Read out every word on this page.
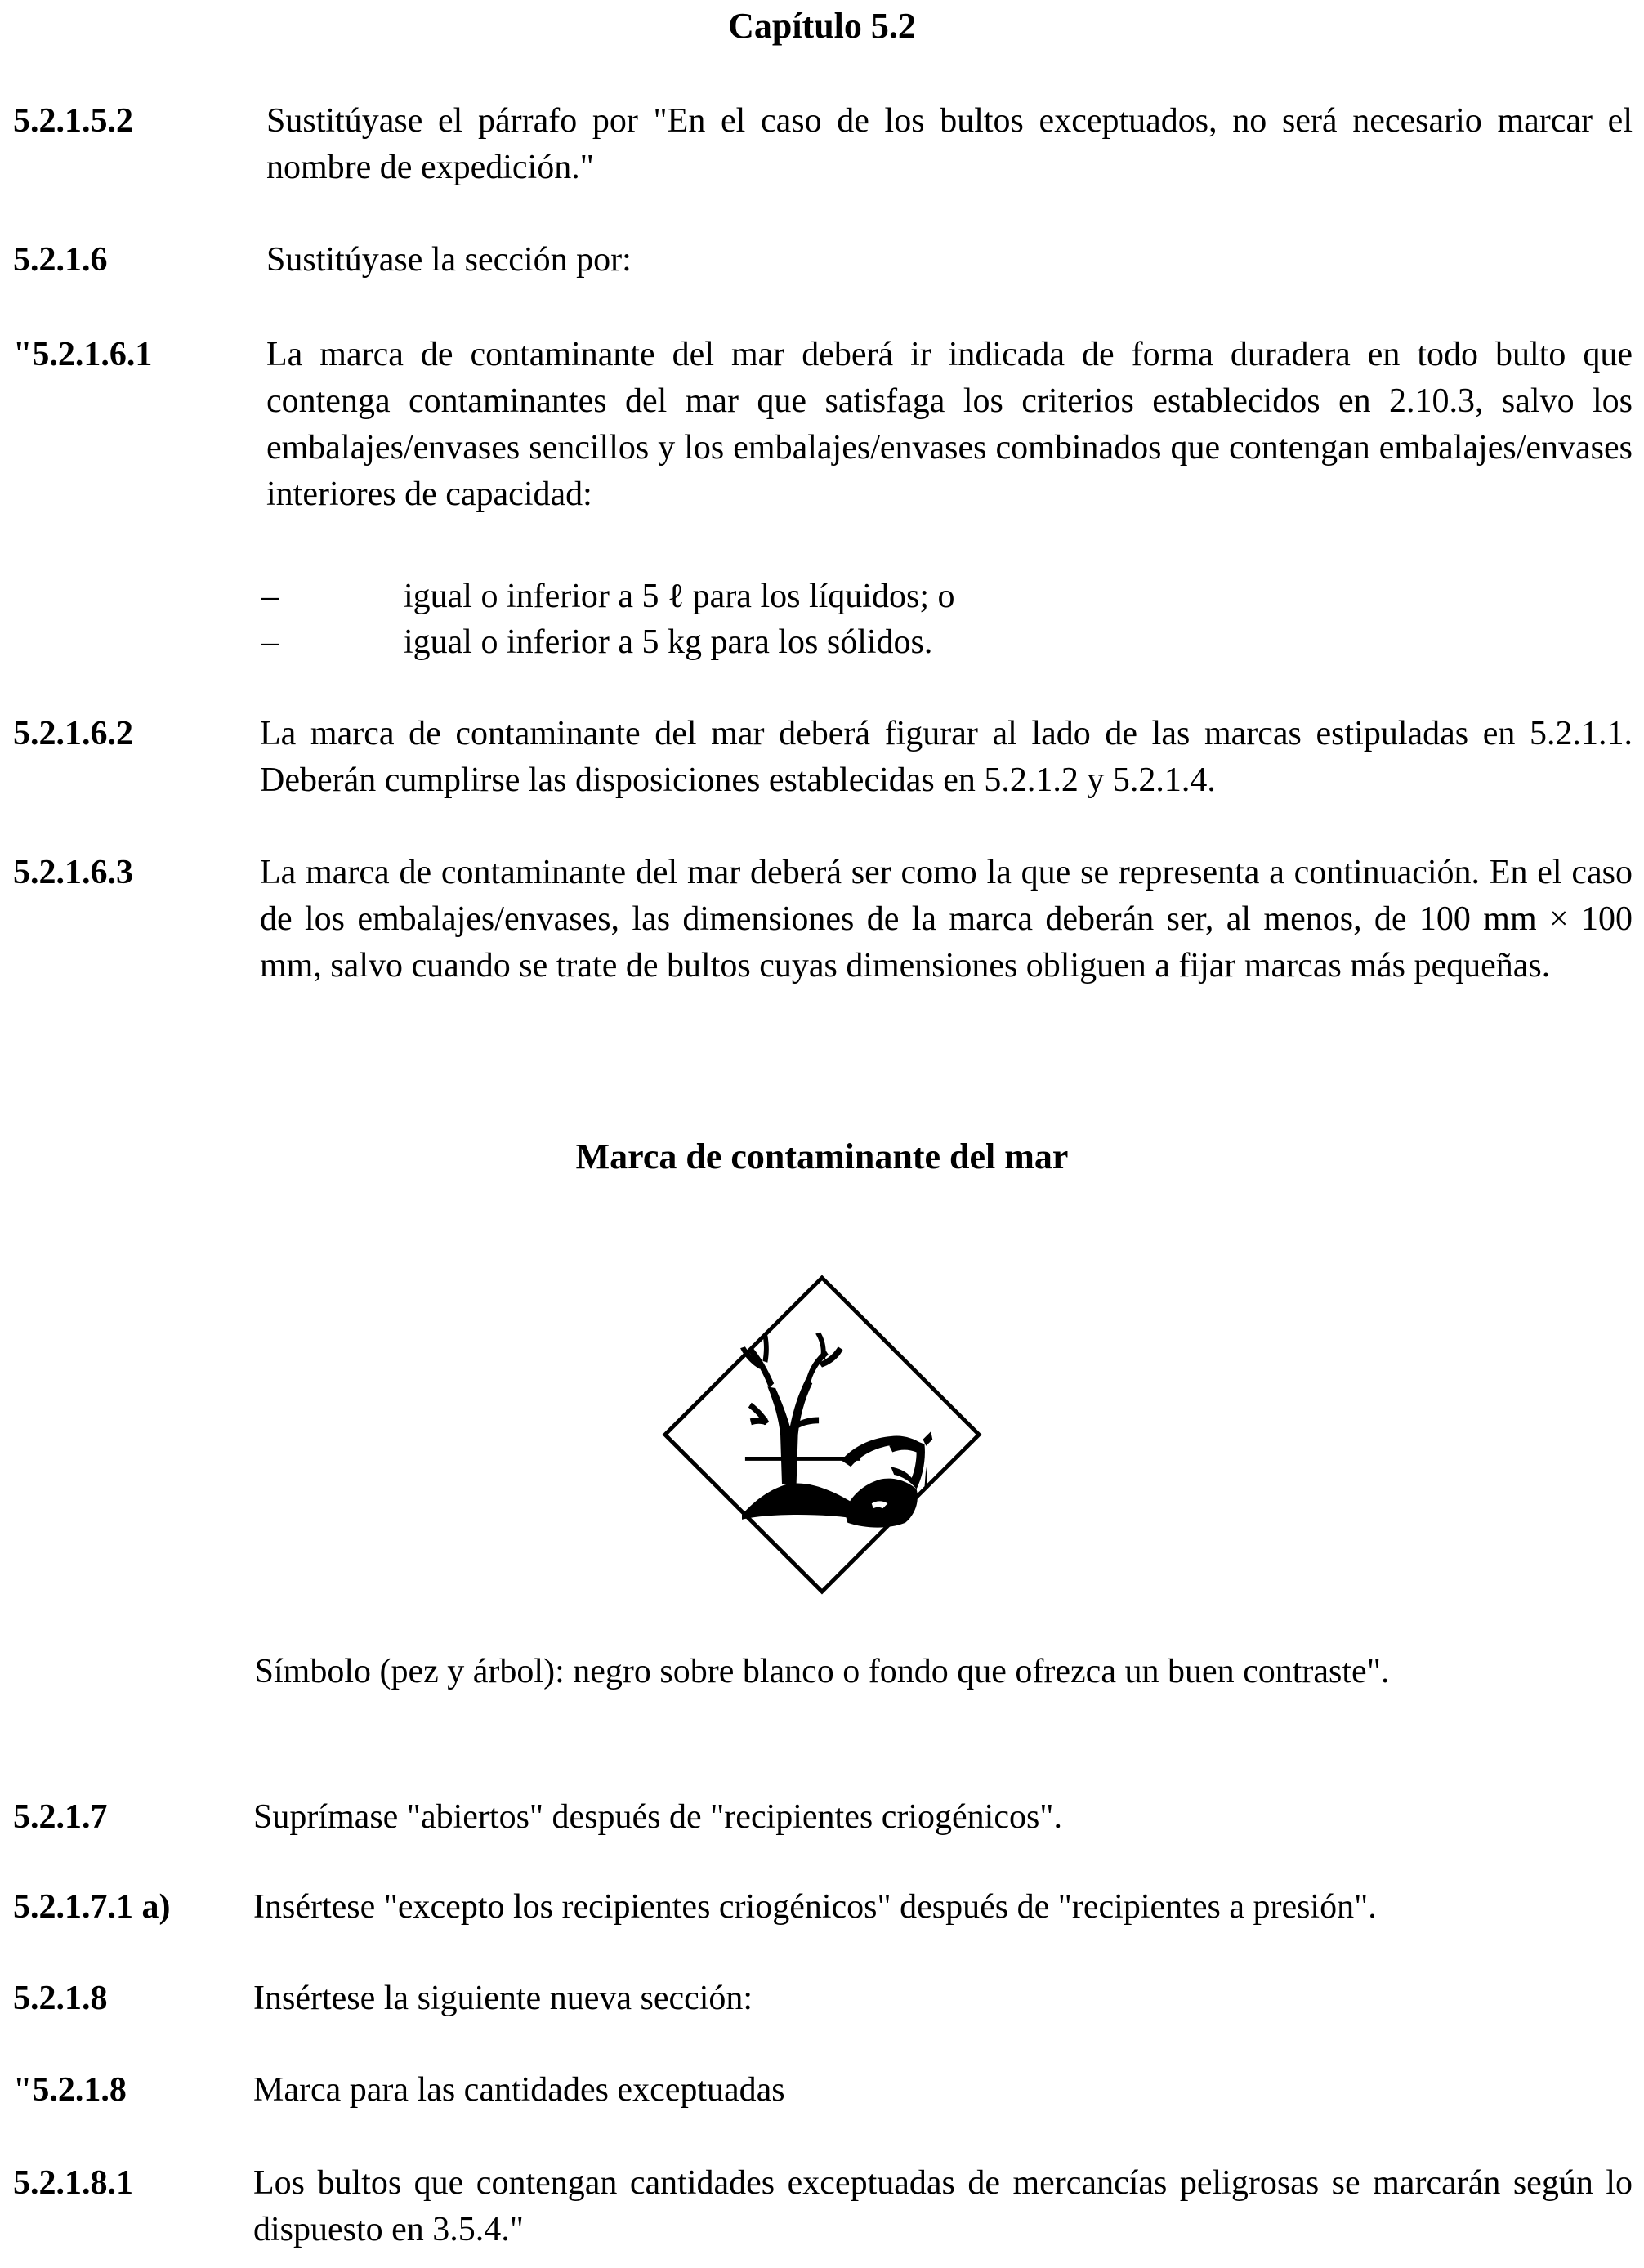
Capítulo 5.2
5.2.1.5.2	Sustitúyase el párrafo por "En el caso de los bultos exceptuados, no será necesario marcar el nombre de expedición."
5.2.1.6	Sustitúyase la sección por:
"5.2.1.6.1	La marca de contaminante del mar deberá ir indicada de forma duradera en todo bulto que contenga contaminantes del mar que satisfaga los criterios establecidos en 2.10.3, salvo los embalajes/envases sencillos y los embalajes/envases combinados que contengan embalajes/envases interiores de capacidad:
–	igual o inferior a 5 ℓ para los líquidos; o
–	igual o inferior a 5 kg para los sólidos.
5.2.1.6.2	La marca de contaminante del mar deberá figurar al lado de las marcas estipuladas en 5.2.1.1. Deberán cumplirse las disposiciones establecidas en 5.2.1.2 y 5.2.1.4.
5.2.1.6.3	La marca de contaminante del mar deberá ser como la que se representa a continuación. En el caso de los embalajes/envases, las dimensiones de la marca deberán ser, al menos, de 100 mm × 100 mm, salvo cuando se trate de bultos cuyas dimensiones obliguen a fijar marcas más pequeñas.
Marca de contaminante del mar
Símbolo (pez y árbol): negro sobre blanco o fondo que ofrezca un buen contraste".
5.2.1.7	Suprímase "abiertos" después de "recipientes criogénicos".
5.2.1.7.1 a) Insértese "excepto los recipientes criogénicos" después de "recipientes a presión".
5.2.1.8	Insértese la siguiente nueva sección:
"5.2.1.8	Marca para las cantidades exceptuadas
5.2.1.8.1	Los bultos que contengan cantidades exceptuadas de mercancías peligrosas se marcarán según lo dispuesto en 3.5.4."
